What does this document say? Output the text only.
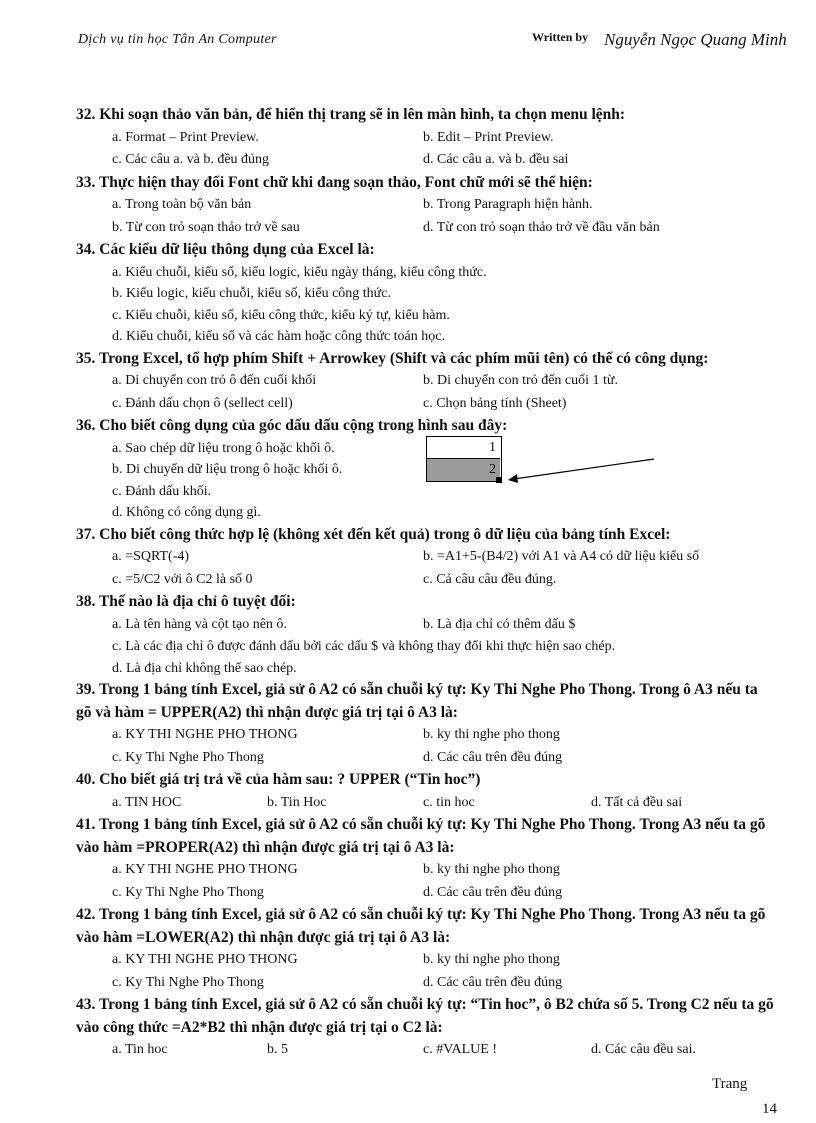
Dịch vụ tin học Tân An Computer	Written by Nguyễn Ngọc Quang Minh
32. Khi soạn thảo văn bản, để hiển thị trang sẽ in lên màn hình, ta chọn menu lệnh:
a. Format – Print Preview.	b. Edit – Print Preview.
c. Các câu a. và b. đều đúng	d. Các câu a. và b. đều sai
33. Thực hiện thay đổi Font chữ khi đang soạn thảo, Font chữ mới sẽ thể hiện:
a. Trong toàn bộ văn bản	b. Trong Paragraph hiện hành.
b. Từ con trỏ soạn thảo trở về sau	d. Từ con trỏ soạn thảo trở về đầu văn bản
34. Các kiểu dữ liệu thông dụng của Excel là:
a. Kiểu chuỗi, kiểu số, kiểu logic, kiểu ngày tháng, kiểu công thức.
b. Kiểu logic, kiểu chuỗi, kiểu số, kiểu công thức.
c. Kiểu chuỗi, kiểu số, kiểu công thức, kiểu ký tự, kiểu hàm.
d. Kiểu chuỗi, kiểu số và các hàm hoặc công thức toán học.
35. Trong Excel, tổ hợp phím Shift + Arrowkey (Shift và các phím mũi tên) có thể có công dụng:
a. Di chuyển con trỏ ô đến cuối khối	b. Di chuyển con trỏ đến cuối 1 từ.
c. Đánh dấu chọn ô (sellect cell)	c. Chọn bảng tính (Sheet)
36. Cho biết công dụng của góc dấu dấu cộng trong hình sau đây:
a. Sao chép dữ liệu trong ô hoặc khối ô.
b. Di chuyển dữ liệu trong ô hoặc khối ô.
c. Đánh dấu khối.
d. Không có công dụng gì.
1
2
37. Cho biết công thức hợp lệ (không xét đến kết quả) trong ô dữ liệu của bảng tính Excel:
a. =SQRT(-4)	b. =A1+5-(B4/2) với A1 và A4 có dữ liệu kiểu số
c. =5/C2 với ô C2 là số 0	c. Cả câu câu đều đúng.
38. Thế nào là địa chỉ ô tuyệt đối:
a. Là tên hàng và cột tạo nên ô.	b. Là địa chỉ có thêm dấu $
c. Là các địa chỉ ô được đánh dấu bởi các dấu $ và không thay đổi khi thực hiện sao chép.
d. Là địa chỉ không thể sao chép.
39. Trong 1 bảng tính Excel, giả sử ô A2 có sẵn chuỗi ký tự: Ky Thi Nghe Pho Thong. Trong ô A3 nếu ta gõ và hàm = UPPER(A2) thì nhận được giá trị tại ô A3 là:
a. KY THI NGHE PHO THONG	b. ky thi nghe pho thong
c. Ky Thi Nghe Pho Thong	d. Các câu trên đều đúng
40. Cho biết giá trị trả về của hàm sau: ? UPPER (“Tin hoc”)
a. TIN HOC	b. Tin Hoc	c. tin hoc	d. Tất cả đều sai
41. Trong 1 bảng tính Excel, giả sử ô A2 có sẵn chuỗi ký tự: Ky Thi Nghe Pho Thong. Trong A3 nếu ta gõ vào hàm =PROPER(A2) thì nhận được giá trị tại ô A3 là:
a. KY THI NGHE PHO THONG	b. ky thi nghe pho thong
c. Ky Thi Nghe Pho Thong	d. Các câu trên đều đúng
42. Trong 1 bảng tính Excel, giả sử ô A2 có sẵn chuỗi ký tự: Ky Thi Nghe Pho Thong. Trong A3 nếu ta gõ vào hàm =LOWER(A2) thì nhận được giá trị tại ô A3 là:
a. KY THI NGHE PHO THONG	b. ky thi nghe pho thong
c. Ky Thi Nghe Pho Thong	d. Các câu trên đều đúng
43. Trong 1 bảng tính Excel, giả sử ô A2 có sẵn chuỗi ký tự: “Tin hoc”, ô B2 chứa số 5. Trong C2 nếu ta gõ vào công thức =A2*B2 thì nhận được giá trị tại o C2 là:
a. Tin hoc	b. 5	c. #VALUE !	d. Các câu đều sai.
Trang
14
